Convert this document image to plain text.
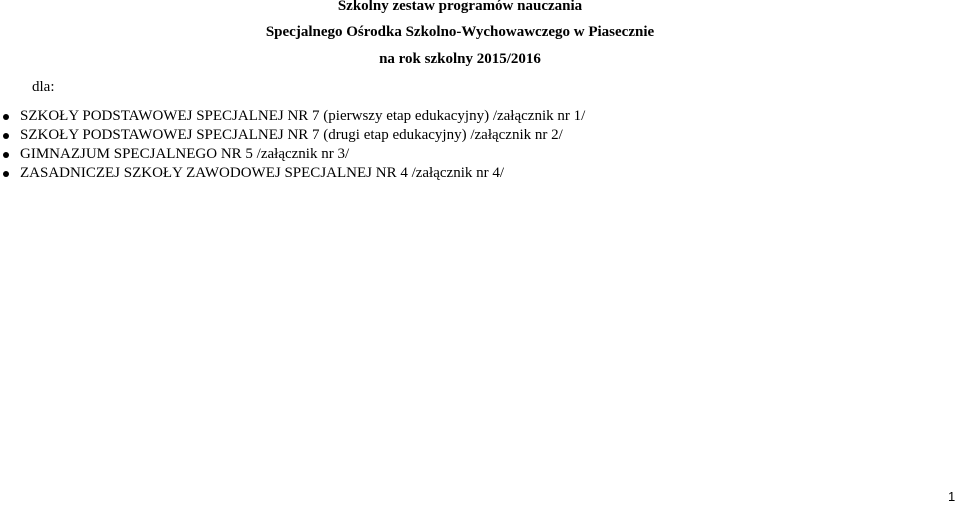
Szkolny zestaw programów nauczania
Specjalnego Ośrodka Szkolno-Wychowawczego w Piasecznie
na rok szkolny 2015/2016
dla:
SZKOŁY PODSTAWOWEJ SPECJALNEJ NR 7 (pierwszy etap edukacyjny) /załącznik nr 1/
SZKOŁY PODSTAWOWEJ SPECJALNEJ NR 7 (drugi etap edukacyjny) /załącznik nr 2/
GIMNAZJUM SPECJALNEGO NR 5 /załącznik nr 3/
ZASADNICZEJ SZKOŁY ZAWODOWEJ SPECJALNEJ NR 4 /załącznik nr 4/
1
